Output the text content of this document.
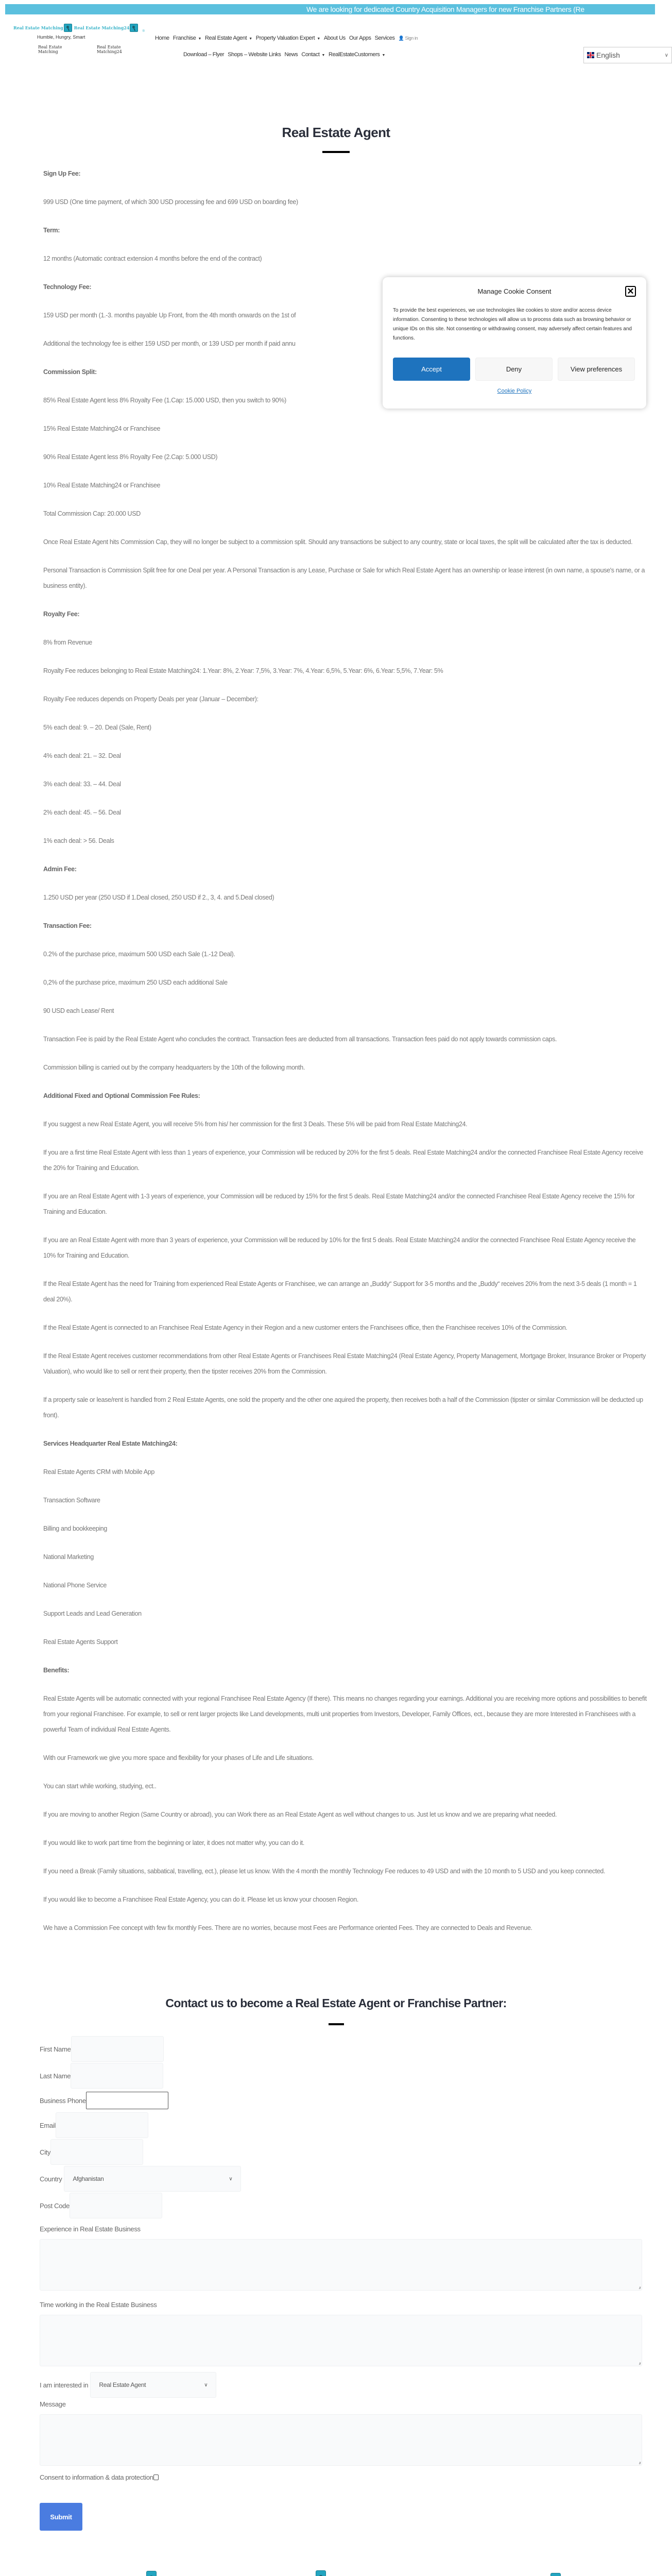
We are looking for dedicated Country Acquisition Managers for new Franchise Partners (Re
Real Estate Matching	Real Estate Matching24
®
Humble, Hungry, Smart
Real Estate Matching
Real Estate Matching24
Home Franchise ▼ Real Estate Agent ▼ Property Valuation Expert ▼ About Us Our Apps Services 👤 Sign in
Download – Flyer Shops – Website Links News Contact ▼ RealEstateCustomers ▼	English	∨
Real Estate Agent

Sign Up Fee:

999 USD (One time payment, of which 300 USD processing fee and 699 USD on boarding fee)

Term:

12 months (Automatic contract extension 4 months before the end of the contract)

Technology Fee:

159 USD per month (1.-3. months payable Up Front, from the 4th month onwards on the 1st of

Additional the technology fee is either 159 USD per month, or 139 USD per month if paid annu

Commission Split:

85% Real Estate Agent less 8% Royalty Fee (1.Cap: 15.000 USD, then you switch to 90%)

15% Real Estate Matching24 or Franchisee

90% Real Estate Agent less 8% Royalty Fee (2.Cap: 5.000 USD)

10% Real Estate Matching24 or Franchisee

Total Commission Cap: 20.000 USD

Once Real Estate Agent hits Commission Cap, they will no longer be subject to a commission split. Should any transactions be subject to any country, state or local taxes, the split will be calculated after the tax is deducted.

Personal Transaction is Commission Split free for one Deal per year. A Personal Transaction is any Lease, Purchase or Sale for which Real Estate Agent has an ownership or lease interest (in own name, a spouse's name, or a business entity).

Royalty Fee:

8% from Revenue

Royalty Fee reduces belonging to Real Estate Matching24: 1.Year: 8%, 2.Year: 7,5%, 3.Year: 7%, 4.Year: 6,5%, 5.Year: 6%, 6.Year: 5,5%, 7.Year: 5%

Royalty Fee reduces depends on Property Deals per year (Januar – December):

5% each deal: 9. – 20. Deal (Sale, Rent)

4% each deal: 21. – 32. Deal

3% each deal: 33. – 44. Deal

2% each deal: 45. – 56. Deal

1% each deal: > 56. Deals

Admin Fee:

1.250 USD per year (250 USD if 1.Deal closed, 250 USD if 2., 3, 4. and 5.Deal closed)

Transaction Fee:

0.2% of the purchase price, maximum 500 USD each Sale (1.-12 Deal).

0,2% of the purchase price, maximum 250 USD each additional Sale

90 USD each Lease/ Rent

Transaction Fee is paid by the Real Estate Agent who concludes the contract. Transaction fees are deducted from all transactions. Transaction fees paid do not apply towards commission caps.

Commission billing is carried out by the company headquarters by the 10th of the following month.

Additional Fixed and Optional Commission Fee Rules:

If you suggest a new Real Estate Agent, you will receive 5% from his/ her commission for the first 3 Deals. These 5% will be paid from Real Estate Matching24.

If you are a first time Real Estate Agent with less than 1 years of experience, your Commission will be reduced by 20% for the first 5 deals. Real Estate Matching24 and/or the connected Franchisee Real Estate Agency receive the 20% for Training and Education.

If you are an Real Estate Agent with 1-3 years of experience, your Commission will be reduced by 15% for the first 5 deals. Real Estate Matching24 and/or the connected Franchisee Real Estate Agency receive the 15% for Training and Education.

If you are an Real Estate Agent with more than 3 years of experience, your Commission will be reduced by 10% for the first 5 deals. Real Estate Matching24 and/or the connected Franchisee Real Estate Agency receive the 10% for Training and Education.

If the Real Estate Agent has the need for Training from experienced Real Estate Agents or Franchisee, we can arrange an „Buddy“ Support for 3-5 months and the „Buddy“ receives 20% from the next 3-5 deals (1 month = 1 deal 20%).

If the Real Estate Agent is connected to an Franchisee Real Estate Agency in their Region and a new customer enters the Franchisees office, then the Franchisee receives 10% of the Commission.

If the Real Estate Agent receives customer recommendations from other Real Estate Agents or Franchisees Real Estate Matching24 (Real Estate Agency, Property Management, Mortgage Broker, Insurance Broker or Property Valuation), who would like to sell or rent their property, then the tipster receives 20% from the Commission.

If a property sale or lease/rent is handled from 2 Real Estate Agents, one sold the property and the other one aquired the property, then receives both a half of the Commission (tipster or similar Commission will be deducted up front).

Services Headquarter Real Estate Matching24:

Real Estate Agents CRM with Mobile App

Transaction Software

Billing and bookkeeping

National Marketing

National Phone Service

Support Leads and Lead Generation

Real Estate Agents Support

Benefits:

Real Estate Agents will be automatic connected with your regional Franchisee Real Estate Agency (If there). This means no changes regarding your earnings. Additional you are receiving more options and possibilities to benefit from your regional Franchisee. For example, to sell or rent larger projects like Land developments, multi unit properties from Investors, Developer, Family Offices, ect., because they are more Interested in Franchisees with a powerful Team of individual Real Estate Agents.

With our Framework we give you more space and flexibility for your phases of Life and Life situations.

You can start while working, studying, ect..

If you are moving to another Region (Same Country or abroad), you can Work there as an Real Estate Agent as well without changes to us. Just let us know and we are preparing what needed.

If you would like to work part time from the beginning or later, it does not matter why, you can do it.

If you need a Break (Family situations, sabbatical, travelling, ect.), please let us know. With the 4 month the monthly Technology Fee reduces to 49 USD and with the 10 month to 5 USD and you keep connected.

If you would like to become a Franchisee Real Estate Agency, you can do it. Please let us know your choosen Region.

We have a Commission Fee concept with few fix monthly Fees. There are no worries, because most Fees are Performance oriented Fees. They are connected to Deals and Revenue.

Manage Cookie Consent	✕
To provide the best experiences, we use technologies like cookies to store and/or access device information. Consenting to these technologies will allow us to process data such as browsing behavior or unique IDs on this site. Not consenting or withdrawing consent, may adversely affect certain features and functions.
Accept	Deny	View preferences
Cookie Policy
Contact us to become a Real Estate Agent or Franchise Partner:
First Name
Last Name
Business Phone
Email
City
Country Afghanistan	∨
Post Code
Experience in Real Estate Business
//
Time working in the Real Estate Business
//
I am interested in Real Estate Agent	∨
Message
//
Consent to information & data protection
Submit
